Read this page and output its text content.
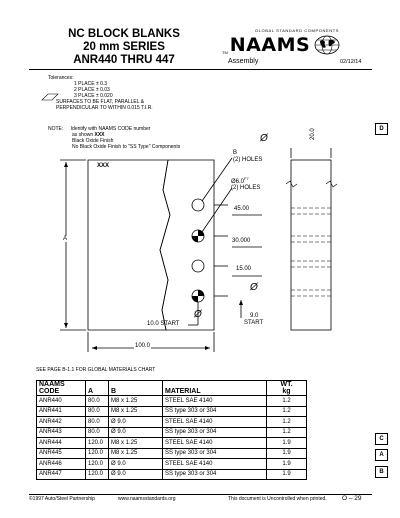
NC BLOCK BLANKS
20 mm SERIES
ANR440 THRU 447
GLOBAL STANDARD COMPONENTS
TM NAAMS
Assembly	02/12/14
Tolerances:
1 PLACE ± 0.3
2 PLACE ± 0.03
3 PLACE ± 0.020
SURFACES TO BE FLAT, PARALLEL &
PERPENDICULAR TO WITHIN 0.015 T.I.R.
NOTE: Identify with NAAMS CODE number
as shown XXX
Black Oxide Finish
No Black Oxide Finish to "SS Type" Components
XXX
B
(2) HOLES
$Ø6.0^{F7}$
(2) HOLES
45.00
30.000
15.00
Ø
Ø
Ø	9.0
START
10.0 START
100.0
20.0
A
D
C
A
B
SEE PAGE B-1.1 FOR GLOBAL MATERIALS CHART
NAAMS
CODE	A	B	MATERIAL	WT.
kg
ANR440	80.0	M8 x 1.25	STEEL SAE 4140	1.2
ANR441	80.0	M8 x 1.25	SS type 303 or 304	1.2
ANR442	80.0	Ø 9.0	STEEL SAE 4140	1.2
ANR443	80.0	Ø 9.0	SS type 303 or 304	1.2
ANR444	120.0	M8 x 1.25	STEEL SAE 4140	1.9
ANR445	120.0	M8 x 1.25	SS type 303 or 304	1.9
ANR446	120.0	Ø 9.0	STEEL SAE 4140	1.9
ANR447	120.0	Ø 9.0	SS type 303 or 304	1.9
©1997 Auto/Steel Partnership	www.naamsstandards.org	This document is Uncontrolled when printed. O – 29
